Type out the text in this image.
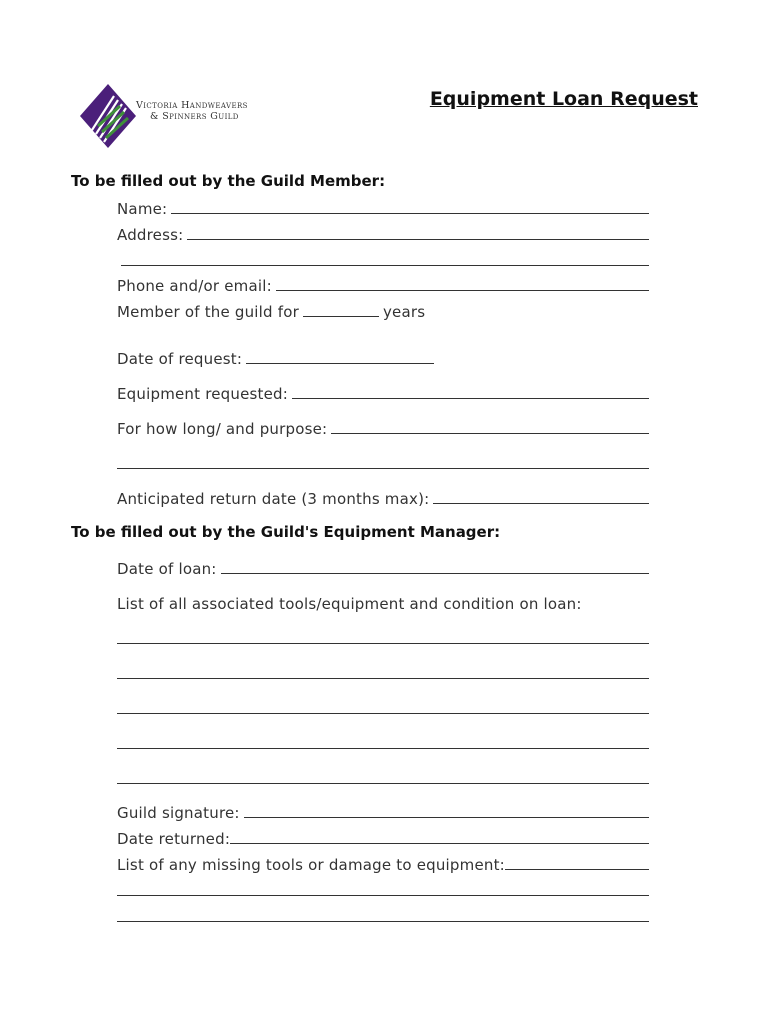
Victoria Handweavers
& Spinners Guild
Equipment Loan Request
To be filled out by the Guild Member:
Name:
Address:
Phone and/or email:
Member of the guild for	years
Date of request:
Equipment requested:
For how long/ and purpose:
Anticipated return date (3 months max):
To be filled out by the Guild's Equipment Manager:
Date of loan:
List of all associated tools/equipment and condition on loan:
Guild signature:
Date returned:
List of any missing tools or damage to equipment:
